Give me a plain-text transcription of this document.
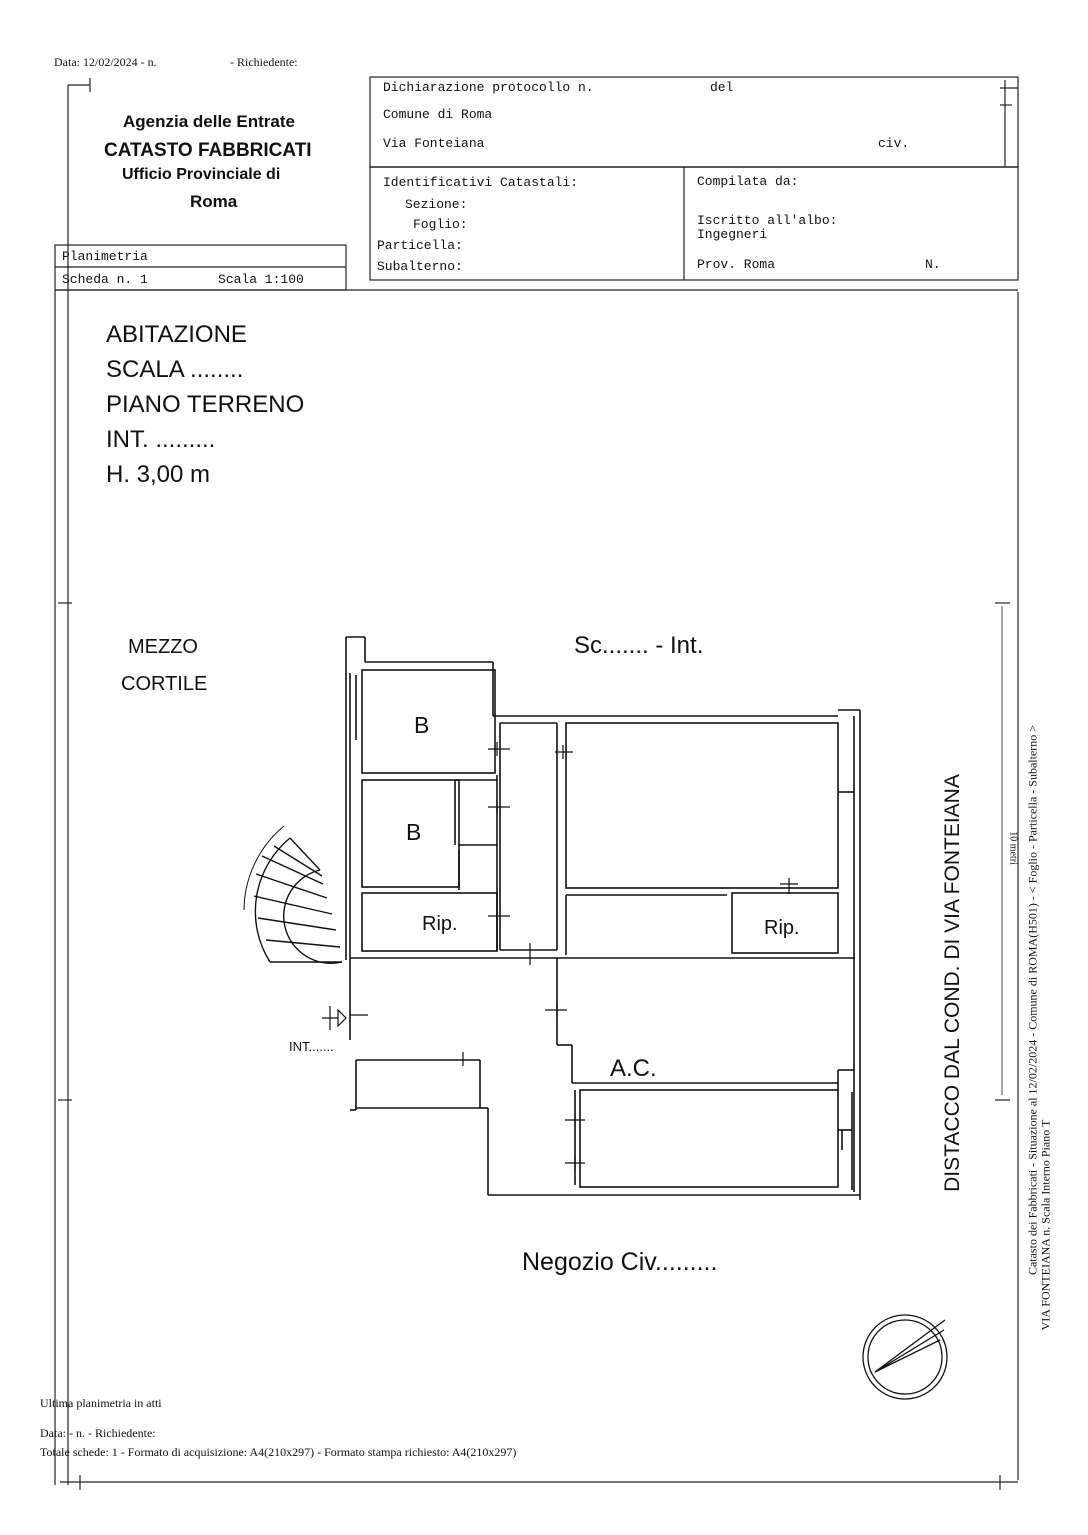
Data: 12/02/2024 - n.	- Richiedente:
Agenzia delle Entrate
CATASTO FABBRICATI
Ufficio Provinciale di
Roma
Dichiarazione protocollo n.	del
Comune di Roma
Via Fonteiana	civ.
Identificativi Catastali:
Sezione:
Foglio:
Particella:
Subalterno:
Compilata da:
Iscritto all'albo:
Ingegneri
Prov. Roma	N.
Planimetria
Scheda n. 1	Scala 1:100
ABITAZIONE
SCALA ........
PIANO TERRENO
INT. .........
H. 3,00 m
MEZZO
CORTILE
Sc....... - Int.
B
B
Rip.	Rip.
A.C.
INT.......
Negozio Civ.........
DISTACCO DAL COND. DI VIA FONTEIANA	Catasto dei Fabbricati - Situazione al 12/02/2024 - Comune di ROMA(H501) - < Foglio - Particella - Subalterno > VIA FONTEIANA n. Scala Interno Piano T
10 metri
Ultima planimetria in atti
Data: - n. - Richiedente:
Totale schede: 1 - Formato di acquisizione: A4(210x297) - Formato stampa richiesto: A4(210x297)
